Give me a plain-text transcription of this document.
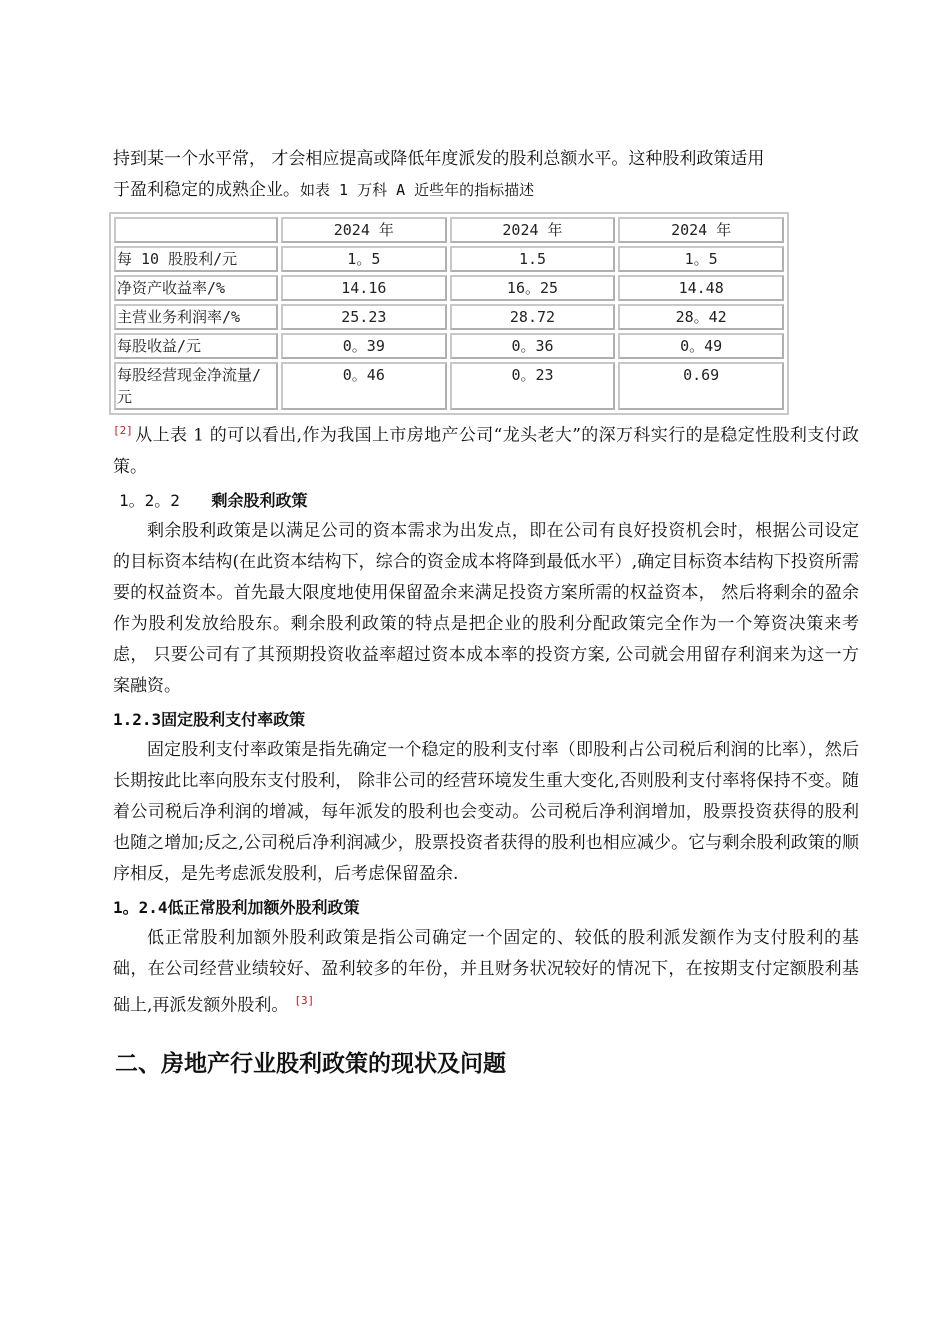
持到某一个水平常， 才会相应提高或降低年度派发的股利总额水平。这种股利政策适用
于盈利稳定的成熟企业。如表 1 万科 A 近些年的指标描述

	2024 年	2024 年	2024 年
每 10 股股利/元	1。5	1.5	1。5
净资产收益率/%	14.16	16。25	14.48
主营业务利润率/%	25.23	28.72	28。42
每股收益/元	0。39	0。36	0。49
每股经营现金净流量/元	0。46	0。23	0.69

[2] 从上表 1 的可以看出,作为我国上市房地产公司“龙头老大”的深万科实行的是稳定性股利支付政策。

1。2。2 剩余股利政策

剩余股利政策是以满足公司的资本需求为出发点，即在公司有良好投资机会时，根据公司设定的目标资本结构(在此资本结构下，综合的资金成本将降到最低水平）,确定目标资本结构下投资所需要的权益资本。首先最大限度地使用保留盈余来满足投资方案所需的权益资本， 然后将剩余的盈余作为股利发放给股东。剩余股利政策的特点是把企业的股利分配政策完全作为一个筹资决策来考虑， 只要公司有了其预期投资收益率超过资本成本率的投资方案, 公司就会用留存利润来为这一方案融资。

1.2.3固定股利支付率政策

固定股利支付率政策是指先确定一个稳定的股利支付率（即股利占公司税后利润的比率），然后长期按此比率向股东支付股利， 除非公司的经营环境发生重大变化,否则股利支付率将保持不变。随着公司税后净利润的增减，每年派发的股利也会变动。公司税后净利润增加，股票投资获得的股利也随之增加;反之,公司税后净利润减少，股票投资者获得的股利也相应减少。它与剩余股利政策的顺序相反，是先考虑派发股利，后考虑保留盈余.

1。2.4低正常股利加额外股利政策

低正常股利加额外股利政策是指公司确定一个固定的、较低的股利派发额作为支付股利的基础，在公司经营业绩较好、盈利较多的年份，并且财务状况较好的情况下，在按期支付定额股利基础上,再派发额外股利。 [3]

二、房地产行业股利政策的现状及问题
